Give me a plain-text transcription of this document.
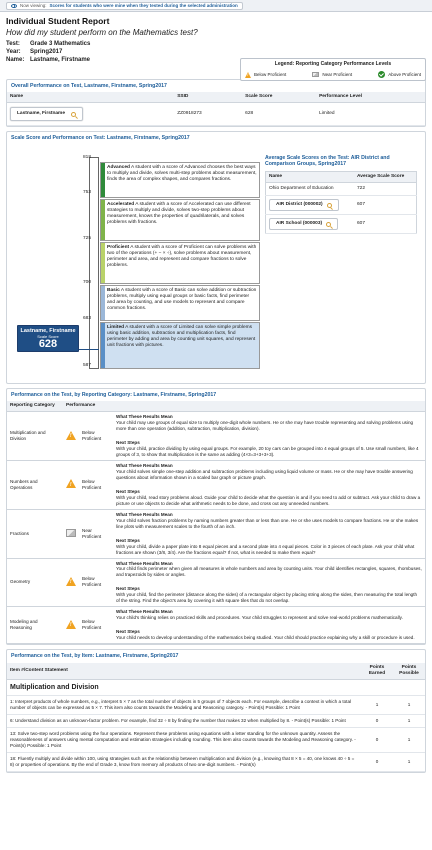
Now viewing: Scores for students who were mine when they tested during the selected administration
Individual Student Report
How did my student perform on the Mathematics test?
Test:	Grade 3 Mathematics
Year:	Spring2017
Name: Lastname, Firstname
Legend: Reporting Category Performance Levels
!
Below Proficient	Near Proficient	Above Proficient
Overall Performance on Test, Lastname, Firstname, Spring2017
Name	SSID	Scale Score	Performance Level

Lastname, Firstname	ZZ0918273	628	Limited
Scale Score and Performance on Test: Lastname, Firstname, Spring2017
818
753
725
700
683
587
Advanced A student with a score of Advanced chooses the best ways to multiply and divide, solves multi-step problems about measurement, finds the area of complex shapes, and compares fractions.
Accelerated A student with a score of Accelerated can use different strategies to multiply and divide, solves two-step problems about measurement, knows the properties of quadrilaterals, and solves problems with fractions.
Proficient A student with a score of Proficient can solve problems with two of the operations (+ − × ÷), solve problems about measurement, perimeter and area, and represent and compare fractions to solve problems.
Basic A student with a score of Basic can solve addition or subtraction problems, multiply using equal groups or basic facts, find perimeter and area by counting, and use models to represent and compare common fractions.
Limited A student with a score of Limited can solve simple problems using basic addition, subtraction and multiplication facts, find perimeter by adding and area by counting unit squares, and represent unit fractions with pictures.
Lastname, Firstname
Scale Score
628
Average Scale Scores on the Test: AIR District and Comparison Groups, Spring2017
Name	Average Scale Score
Ohio Department of Education	722

AIR District (000002)	607

AIR School (000003)	607
Performance on the Test, by Reporting Category: Lastname, Firstname, Spring2017
Reporting Category	Performance		
Multiplication and Division	!	Below Proficient	What These Results Mean
Your child may use groups of equal size to multiply one-digit whole numbers. He or she may have trouble representing and solving problems using more than one operation (addition, subtraction, multiplication, division).
Next Steps
With your child, practice dividing by using equal groups. For example, 20 toy cars can be grouped into 4 equal groups of 5. Use small numbers, like 4 groups of 3, to show that multiplication is the same as adding (4×3=3+3+3+3).
Numbers and Operations	!	Below Proficient	What These Results Mean
Your child solves simple one-step addition and subtraction problems including using liquid volume or mass. He or she may have trouble answering questions about information shown in a scaled bar graph or picture graph.
Next Steps
With your child, read story problems aloud. Guide your child to decide what the question is and if you need to add or subtract. Ask your child to draw a picture or use objects to decide what arithmetic needs to be done, and cross out any unneeded numbers.
Fractions		Near Proficient	What These Results Mean
Your child solves fraction problems by naming numbers greater than or less than one. He or she uses models to compare fractions. He or she makes line plots with measurement scales to the fourth of an inch.
Next Steps
With your child, divide a paper plate into 8 equal pieces and a second plate into 4 equal pieces. Color in 3 pieces of each plate. Ask your child what fractions are shown (3/8, 3/4). Are the fractions equal? If not, what is needed to make them equal?
Geometry	!	Below Proficient	What These Results Mean
Your child finds perimeter when given all measures in whole numbers and area by counting units. Your child identifies rectangles, squares, rhombuses, and trapezoids by sides or angles.
Next Steps
With your child, find the perimeter (distance along the sides) of a rectangular object by placing string along the sides, then measuring the total length of the string. Find the object's area by covering it with square tiles that do not overlap.
Modeling and Reasoning	!	Below Proficient	What These Results Mean
Your child's thinking relies on practiced skills and procedures. Your child struggles to represent and solve real-world problems mathematically.
Next Steps
Your child needs to develop understanding of the mathematics being studied. Your child should practice explaining why a skill or procedure is used.
Performance on the Test, by Item: Lastname, Firstname, Spring2017
Item #/Content Statement	Points Earned	Points Possible
Multiplication and Division		
1: Interpret products of whole numbers, e.g., interpret 5 × 7 as the total number of objects in 5 groups of 7 objects each. For example, describe a context in which a total number of objects can be expressed as 5 × 7. This item also counts towards the Modeling and Reasoning category. - Point(s) Possible: 1 Point	1	1
6: Understand division as an unknown-factor problem. For example, find 32 ÷ 8 by finding the number that makes 32 when multiplied by 8. - Point(s) Possible: 1 Point	0	1
13: Solve two-step word problems using the four operations. Represent these problems using equations with a letter standing for the unknown quantity. Assess the reasonableness of answers using mental computation and estimation strategies including rounding. This item also counts towards the Modeling and Reasoning category. - Point(s) Possible: 1 Point	0	1
18: Fluently multiply and divide within 100, using strategies such as the relationship between multiplication and division (e.g., knowing that 8 × 5 = 40, one knows 40 ÷ 5 = 8) or properties of operations. By the end of Grade 3, know from memory all products of two one-digit numbers. - Point(s)	0	1
